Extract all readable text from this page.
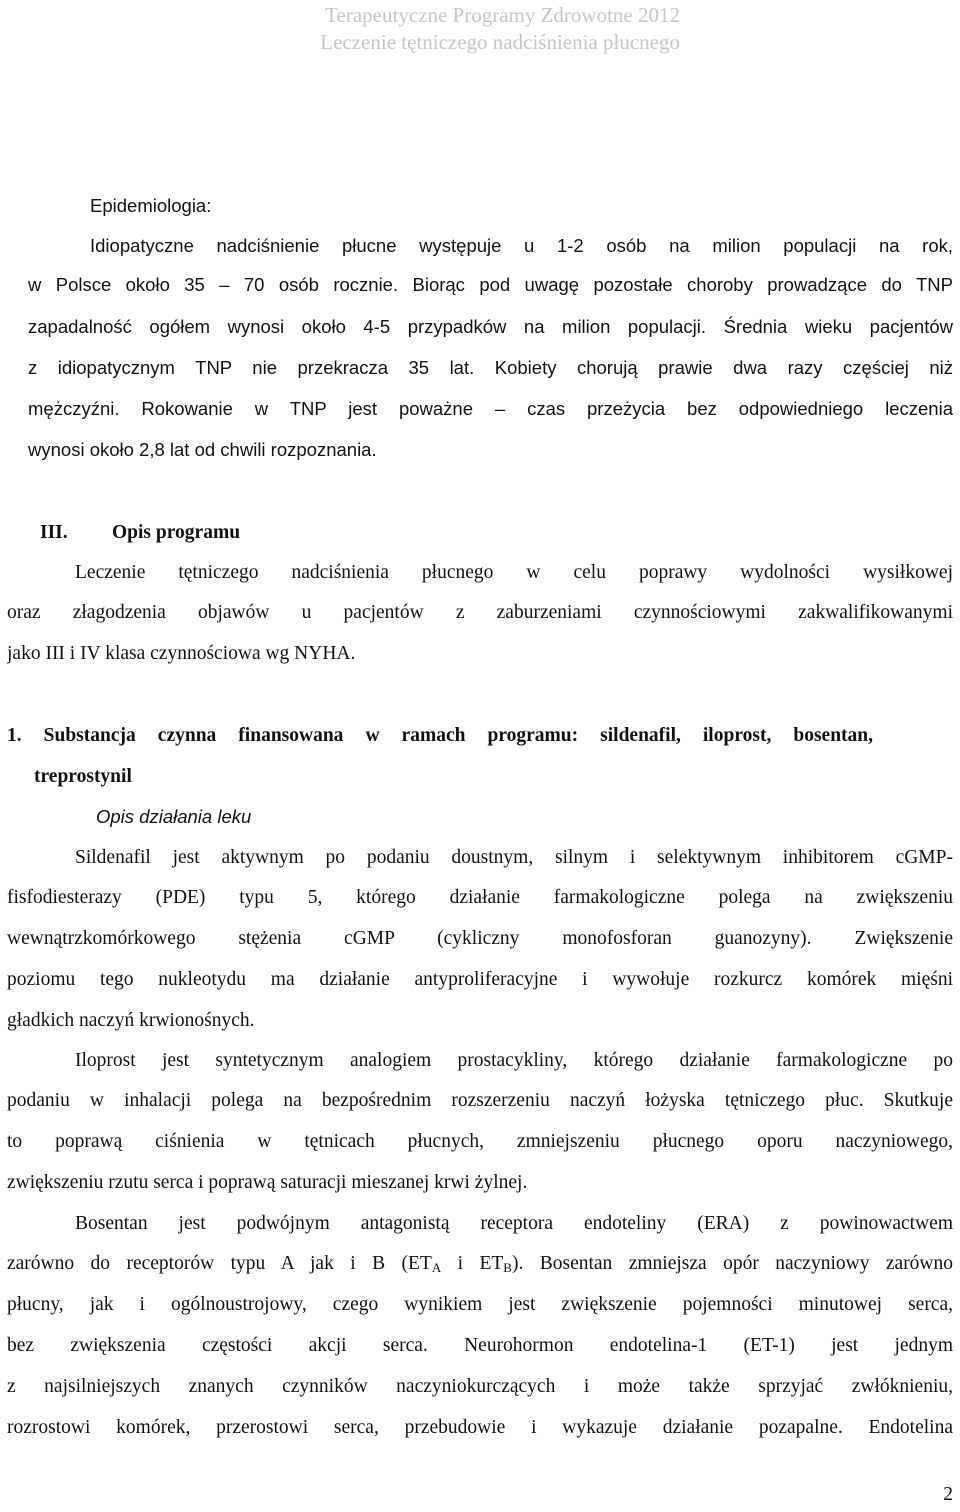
Terapeutyczne Programy Zdrowotne 2012
Leczenie tętniczego nadciśnienia płucnego
Epidemiologia:
Idiopatyczne nadciśnienie płucne występuje u 1-2 osób na milion populacji na rok,
w Polsce około 35 – 70 osób rocznie. Biorąc pod uwagę pozostałe choroby prowadzące do TNP
zapadalność ogółem wynosi około 4-5 przypadków na milion populacji. Średnia wieku pacjentów
z idiopatycznym TNP nie przekracza 35 lat. Kobiety chorują prawie dwa razy częściej niż
mężczyźni. Rokowanie w TNP jest poważne – czas przeżycia bez odpowiedniego leczenia
wynosi około 2,8 lat od chwili rozpoznania.
III. Opis programu
Leczenie tętniczego nadciśnienia płucnego w celu poprawy wydolności wysiłkowej
oraz złagodzenia objawów u pacjentów z zaburzeniami czynnościowymi zakwalifikowanymi
jako III i IV klasa czynnościowa wg NYHA.
1. Substancja czynna finansowana w ramach programu: sildenafil, iloprost, bosentan,
treprostynil
Opis działania leku
Sildenafil jest aktywnym po podaniu doustnym, silnym i selektywnym inhibitorem cGMP-
fisfodiesterazy (PDE) typu 5, którego działanie farmakologiczne polega na zwiększeniu
wewnątrzkomórkowego stężenia cGMP (cykliczny monofosforan guanozyny). Zwiększenie
poziomu tego nukleotydu ma działanie antyproliferacyjne i wywołuje rozkurcz komórek mięśni
gładkich naczyń krwionośnych.
Iloprost jest syntetycznym analogiem prostacykliny, którego działanie farmakologiczne po
podaniu w inhalacji polega na bezpośrednim rozszerzeniu naczyń łożyska tętniczego płuc. Skutkuje
to poprawą ciśnienia w tętnicach płucnych, zmniejszeniu płucnego oporu naczyniowego,
zwiększeniu rzutu serca i poprawą saturacji mieszanej krwi żylnej.
Bosentan jest podwójnym antagonistą receptora endoteliny (ERA) z powinowactwem
zarówno do receptorów typu A jak i B ($ET_A$ i $ET_B$). Bosentan zmniejsza opór naczyniowy zarówno
płucny, jak i ogólnoustrojowy, czego wynikiem jest zwiększenie pojemności minutowej serca,
bez zwiększenia częstości akcji serca. Neurohormon endotelina-1 (ET-1) jest jednym
z najsilniejszych znanych czynników naczyniokurczących i może także sprzyjać zwłóknieniu,
rozrostowi komórek, przerostowi serca, przebudowie i wykazuje działanie pozapalne. Endotelina
2
